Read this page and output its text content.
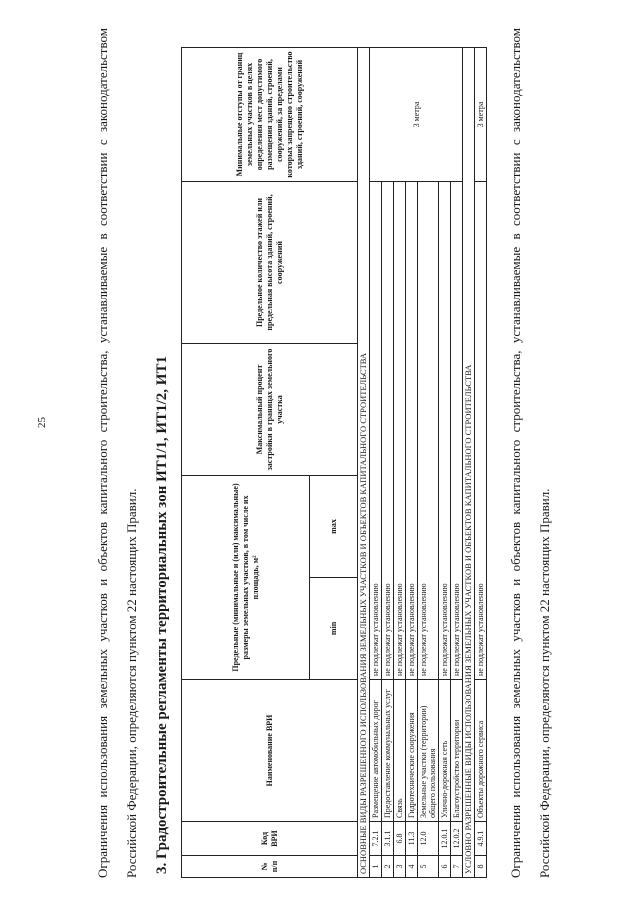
25	Ограничения использования земельных участков и объектов капитального строительства, устанавливаемые в соответствии с законодательством Российской Федерации, определяются пунктом 22 настоящих Правил.	3. Градостроительные регламенты территориальных зон ИТ1/1, ИТ1/2, ИТ1	№ п/п	Код ВРИ	Наименование ВРИ	Предельные (минимальные и (или) максимальные) размеры земельных участков, в том числе их площадь, м²		Максимальный процент застройки в границах земельного участка	Предельное количество этажей или предельная высота зданий, строений, сооружений	Минимальные отступы от границ земельных участков в целях определения мест допустимого размещения зданий, строений, сооружений, за пределами которых запрещено строительство зданий, строений, сооружений
			min	max			
ОСНОВНЫЕ ВИДЫ РАЗРЕШЕННОГО ИСПОЛЬЗОВАНИЯ ЗЕМЕЛЬНЫХ УЧАСТКОВ И ОБЪЕКТОВ КАПИТАЛЬНОГО СТРОИТЕЛЬСТВА							
1	7.2.1	Размещение автомобильных дорог	не подлежат установлению				3 метра
2	3.1.1	Предоставление коммунальных услуг	не подлежат установлению				
3	6.8	Связь	не подлежат установлению				
4	11.3	Гидротехнические сооружения	не подлежат установлению				
5	12.0	Земельные участки (территории) общего пользования	не подлежат установлению				
6	12.0.1	Улично-дорожная сеть	не подлежат установлению				
7	12.0.2	Благоустройство территории	не подлежат установлению				
УСЛОВНО РАЗРЕШЕННЫЕ ВИДЫ ИСПОЛЬЗОВАНИЯ ЗЕМЕЛЬНЫХ УЧАСТКОВ И ОБЪЕКТОВ КАПИТАЛЬНОГО СТРОИТЕЛЬСТВА							
8	4.9.1	Объекты дорожного сервиса	не подлежат установлению				3 метра	Ограничения использования земельных участков и объектов капитального строительства, устанавливаемые в соответствии с законодательством Российской Федерации, определяются пунктом 22 настоящих Правил.
